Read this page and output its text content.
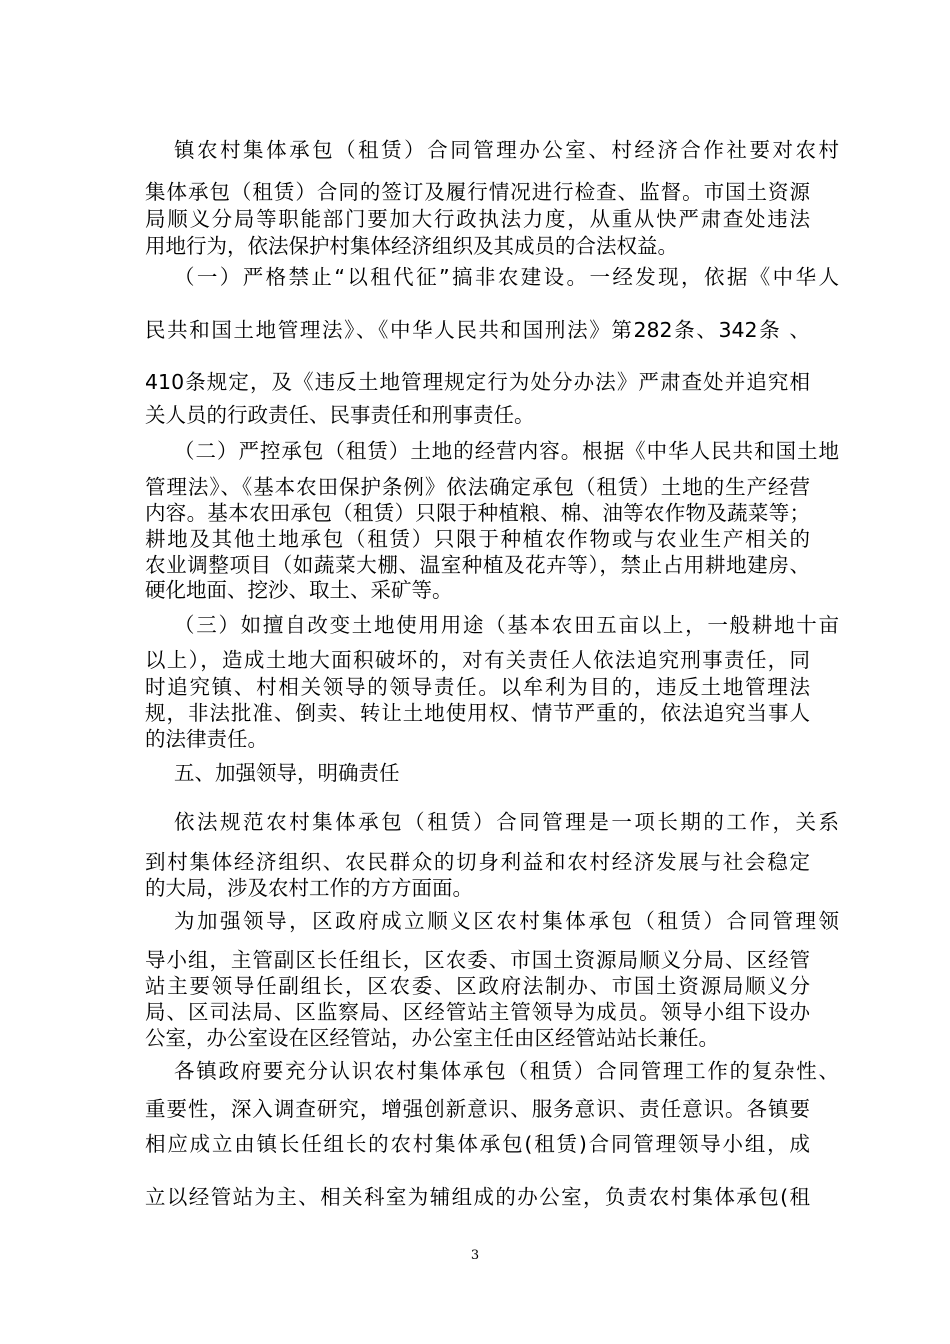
镇农村集体承包（租赁）合同管理办公室、村经济合作社要对农村
集体承包（租赁）合同的签订及履行情况进行检查、监督。市国土资源
局顺义分局等职能部门要加大行政执法力度，从重从快严肃查处违法
用地行为，依法保护村集体经济组织及其成员的合法权益。
（一）严格禁止“以租代征”搞非农建设。一经发现，依据《中华人
民共和国土地管理法》、《中华人民共和国刑法》第282条、342条 、
410条规定，及《违反土地管理规定行为处分办法》严肃查处并追究相
关人员的行政责任、民事责任和刑事责任。
（二）严控承包（租赁）土地的经营内容。根据《中华人民共和国土地
管理法》、《基本农田保护条例》依法确定承包（租赁）土地的生产经营
内容。基本农田承包（租赁）只限于种植粮、棉、油等农作物及蔬菜等；
耕地及其他土地承包（租赁）只限于种植农作物或与农业生产相关的
农业调整项目（如蔬菜大棚、温室种植及花卉等），禁止占用耕地建房、
硬化地面、挖沙、取土、采矿等。
（三）如擅自改变土地使用用途（基本农田五亩以上，一般耕地十亩
以上），造成土地大面积破坏的，对有关责任人依法追究刑事责任，同
时追究镇、村相关领导的领导责任。以牟利为目的，违反土地管理法
规，非法批准、倒卖、转让土地使用权、情节严重的，依法追究当事人
的法律责任。
五、加强领导，明确责任
依法规范农村集体承包（租赁）合同管理是一项长期的工作，关系
到村集体经济组织、农民群众的切身利益和农村经济发展与社会稳定
的大局，涉及农村工作的方方面面。
为加强领导，区政府成立顺义区农村集体承包（租赁）合同管理领
导小组，主管副区长任组长，区农委、市国土资源局顺义分局、区经管
站主要领导任副组长，区农委、区政府法制办、市国土资源局顺义分
局、区司法局、区监察局、区经管站主管领导为成员。领导小组下设办
公室，办公室设在区经管站，办公室主任由区经管站站长兼任。
各镇政府要充分认识农村集体承包（租赁）合同管理工作的复杂性、
重要性，深入调查研究，增强创新意识、服务意识、责任意识。各镇要
相应成立由镇长任组长的农村集体承包(租赁)合同管理领导小组，成
立以经管站为主、相关科室为辅组成的办公室，负责农村集体承包(租
3
